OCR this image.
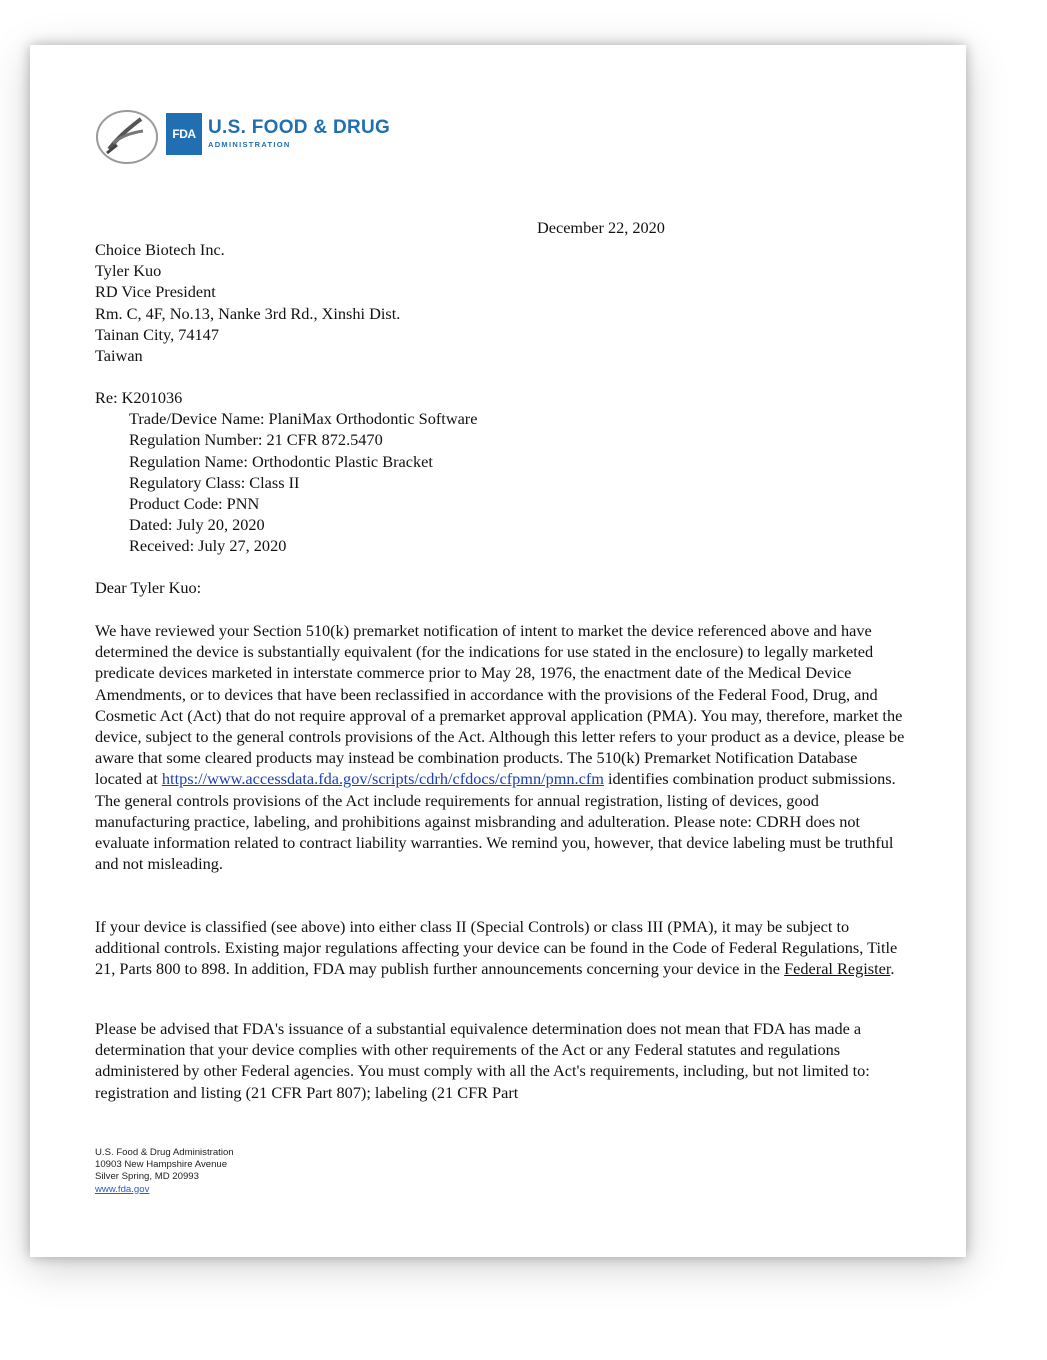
FDA U.S. FOOD & DRUG
ADMINISTRATION
December 22, 2020
Choice Biotech Inc.
Tyler Kuo
RD Vice President
Rm. C, 4F, No.13, Nanke 3rd Rd., Xinshi Dist.
Tainan City, 74147
Taiwan
Re: K201036
Trade/Device Name: PlaniMax Orthodontic Software
Regulation Number: 21 CFR 872.5470
Regulation Name: Orthodontic Plastic Bracket
Regulatory Class: Class II
Product Code: PNN
Dated: July 20, 2020
Received: July 27, 2020
Dear Tyler Kuo:
We have reviewed your Section 510(k) premarket notification of intent to market the device referenced above and have determined the device is substantially equivalent (for the indications for use stated in the enclosure) to legally marketed predicate devices marketed in interstate commerce prior to May 28, 1976, the enactment date of the Medical Device Amendments, or to devices that have been reclassified in accordance with the provisions of the Federal Food, Drug, and Cosmetic Act (Act) that do not require approval of a premarket approval application (PMA). You may, therefore, market the device, subject to the general controls provisions of the Act. Although this letter refers to your product as a device, please be aware that some cleared products may instead be combination products. The 510(k) Premarket Notification Database located at https://www.accessdata.fda.gov/scripts/cdrh/cfdocs/cfpmn/pmn.cfm identifies combination product submissions. The general controls provisions of the Act include requirements for annual registration, listing of devices, good manufacturing practice, labeling, and prohibitions against misbranding and adulteration. Please note: CDRH does not evaluate information related to contract liability warranties. We remind you, however, that device labeling must be truthful and not misleading.
If your device is classified (see above) into either class II (Special Controls) or class III (PMA), it may be subject to additional controls. Existing major regulations affecting your device can be found in the Code of Federal Regulations, Title 21, Parts 800 to 898. In addition, FDA may publish further announcements concerning your device in the Federal Register.
Please be advised that FDA's issuance of a substantial equivalence determination does not mean that FDA has made a determination that your device complies with other requirements of the Act or any Federal statutes and regulations administered by other Federal agencies. You must comply with all the Act's requirements, including, but not limited to: registration and listing (21 CFR Part 807); labeling (21 CFR Part
U.S. Food & Drug Administration
10903 New Hampshire Avenue
Silver Spring, MD 20993
www.fda.gov
